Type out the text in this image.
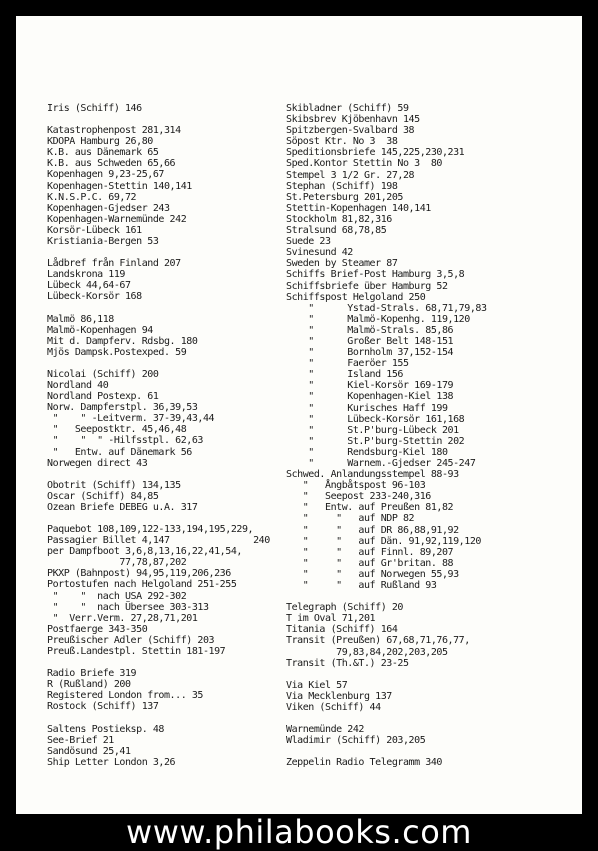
Iris (Schiff) 146
Katastrophenpost 281,314
KDOPA Hamburg 26,80
K.B. aus Dänemark 65
K.B. aus Schweden 65,66
Kopenhagen 9,23-25,67
Kopenhagen-Stettin 140,141
K.N.S.P.C. 69,72
Kopenhagen-Gjedser 243
Kopenhagen-Warnemünde 242
Korsör-Lübeck 161
Kristiania-Bergen 53
Lådbref från Finland 207
Landskrona 119
Lübeck 44,64-67
Lübeck-Korsör 168
Malmö 86,118
Malmö-Kopenhagen 94
Mit d. Dampferv. Rdsbg. 180
Mjös Dampsk.Postexped. 59
Nicolai (Schiff) 200
Nordland 40
Nordland Postexp. 61
Norw. Dampferstpl. 36,39,53
"    " -Leitverm. 37-39,43,44
"   Seepostktr. 45,46,48
"    "  " -Hilfsstpl. 62,63
"   Entw. auf Dänemark 56
Norwegen direct 43
Obotrit (Schiff) 134,135
Oscar (Schiff) 84,85
Ozean Briefe DEBEG u.A. 317
Paquebot 108,109,122-133,194,195,229,
Passagier Billet 4,147               240
per Dampfboot 3,6,8,13,16,22,41,54,
77,78,87,202
PKXP (Bahnpost) 94,95,119,206,236
Portostufen nach Helgoland 251-255
"    "  nach USA 292-302
"    "  nach Übersee 303-313
"  Verr.Verm. 27,28,71,201
Postfaerge 343-350
Preußischer Adler (Schiff) 203
Preuß.Landestpl. Stettin 181-197
Radio Briefe 319
R (Rußland) 200
Registered London from... 35
Rostock (Schiff) 137
Saltens Postieksp. 48
See-Brief 21
Sandösund 25,41
Ship Letter London 3,26
Skibladner (Schiff) 59
Skibsbrev Kjöbenhavn 145
Spitzbergen-Svalbard 38
Söpost Ktr. No 3  38
Speditionsbriefe 145,225,230,231
Sped.Kontor Stettin No 3  80
Stempel 3 1/2 Gr. 27,28
Stephan (Schiff) 198
St.Petersburg 201,205
Stettin-Kopenhagen 140,141
Stockholm 81,82,316
Stralsund 68,78,85
Suede 23
Svinesund 42
Sweden by Steamer 87
Schiffs Brief-Post Hamburg 3,5,8
Schiffsbriefe über Hamburg 52
Schiffspost Helgoland 250
"      Ystad-Strals. 68,71,79,83
"      Malmö-Kopenhg. 119,120
"      Malmö-Strals. 85,86
"      Großer Belt 148-151
"      Bornholm 37,152-154
"      Faeröer 155
"      Island 156
"      Kiel-Korsör 169-179
"      Kopenhagen-Kiel 138
"      Kurisches Haff 199
"      Lübeck-Korsör 161,168
"      St.P'burg-Lübeck 201
"      St.P'burg-Stettin 202
"      Rendsburg-Kiel 180
"      Warnem.-Gjedser 245-247
Schwed. Anlandungsstempel 88-93
"   Ångbåtspost 96-103
"   Seepost 233-240,316
"   Entw. auf Preußen 81,82
"     "   auf NDP 82
"     "   auf DR 86,88,91,92
"     "   auf Dän. 91,92,119,120
"     "   auf Finnl. 89,207
"     "   auf Gr'britan. 88
"     "   auf Norwegen 55,93
"     "   auf Rußland 93
Telegraph (Schiff) 20
T im Oval 71,201
Titania (Schiff) 164
Transit (Preußen) 67,68,71,76,77,
79,83,84,202,203,205
Transit (Th.&T.) 23-25
Via Kiel 57
Via Mecklenburg 137
Viken (Schiff) 44
Warnemünde 242
Wladimir (Schiff) 203,205
Zeppelin Radio Telegramm 340
www.philabooks.com
